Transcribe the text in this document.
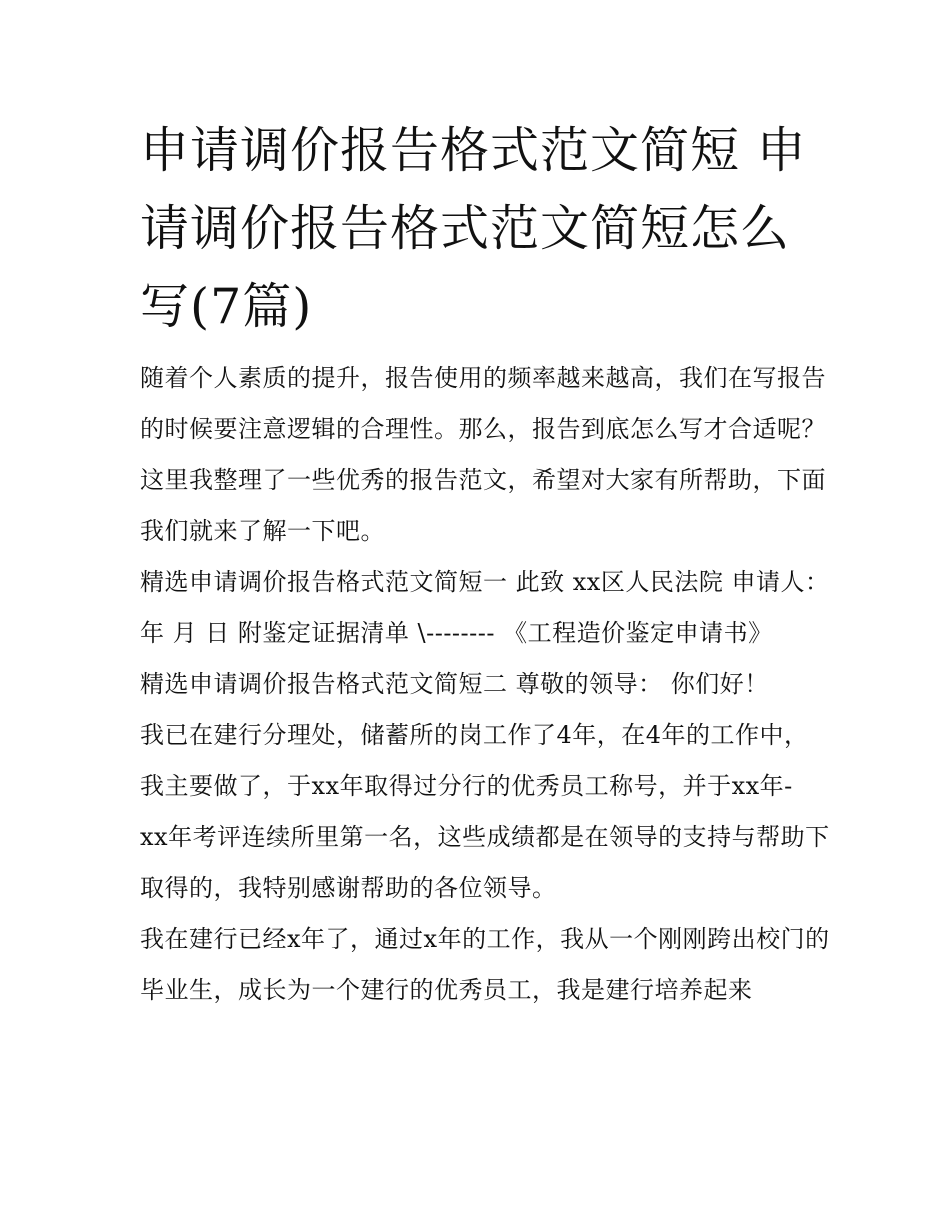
申请调价报告格式范文简短 申请调价报告格式范文简短怎么写(7篇)

随着个人素质的提升，报告使用的频率越来越高，我们在写报告的时候要注意逻辑的合理性。那么，报告到底怎么写才合适呢？这里我整理了一些优秀的报告范文，希望对大家有所帮助，下面我们就来了解一下吧。

精选申请调价报告格式范文简短一 此致 xx区人民法院 申请人： 年 月 日 附鉴定证据清单 \-------- 《工程造价鉴定申请书》

精选申请调价报告格式范文简短二 尊敬的领导： 你们好！

我已在建行分理处，储蓄所的岗工作了4年，在4年的工作中，我主要做了，于xx年取得过分行的优秀员工称号，并于xx年-

xx年考评连续所里第一名，这些成绩都是在领导的支持与帮助下取得的，我特别感谢帮助的各位领导。

我在建行已经x年了，通过x年的工作，我从一个刚刚跨出校门的毕业生，成长为一个建行的优秀员工，我是建行培养起来
